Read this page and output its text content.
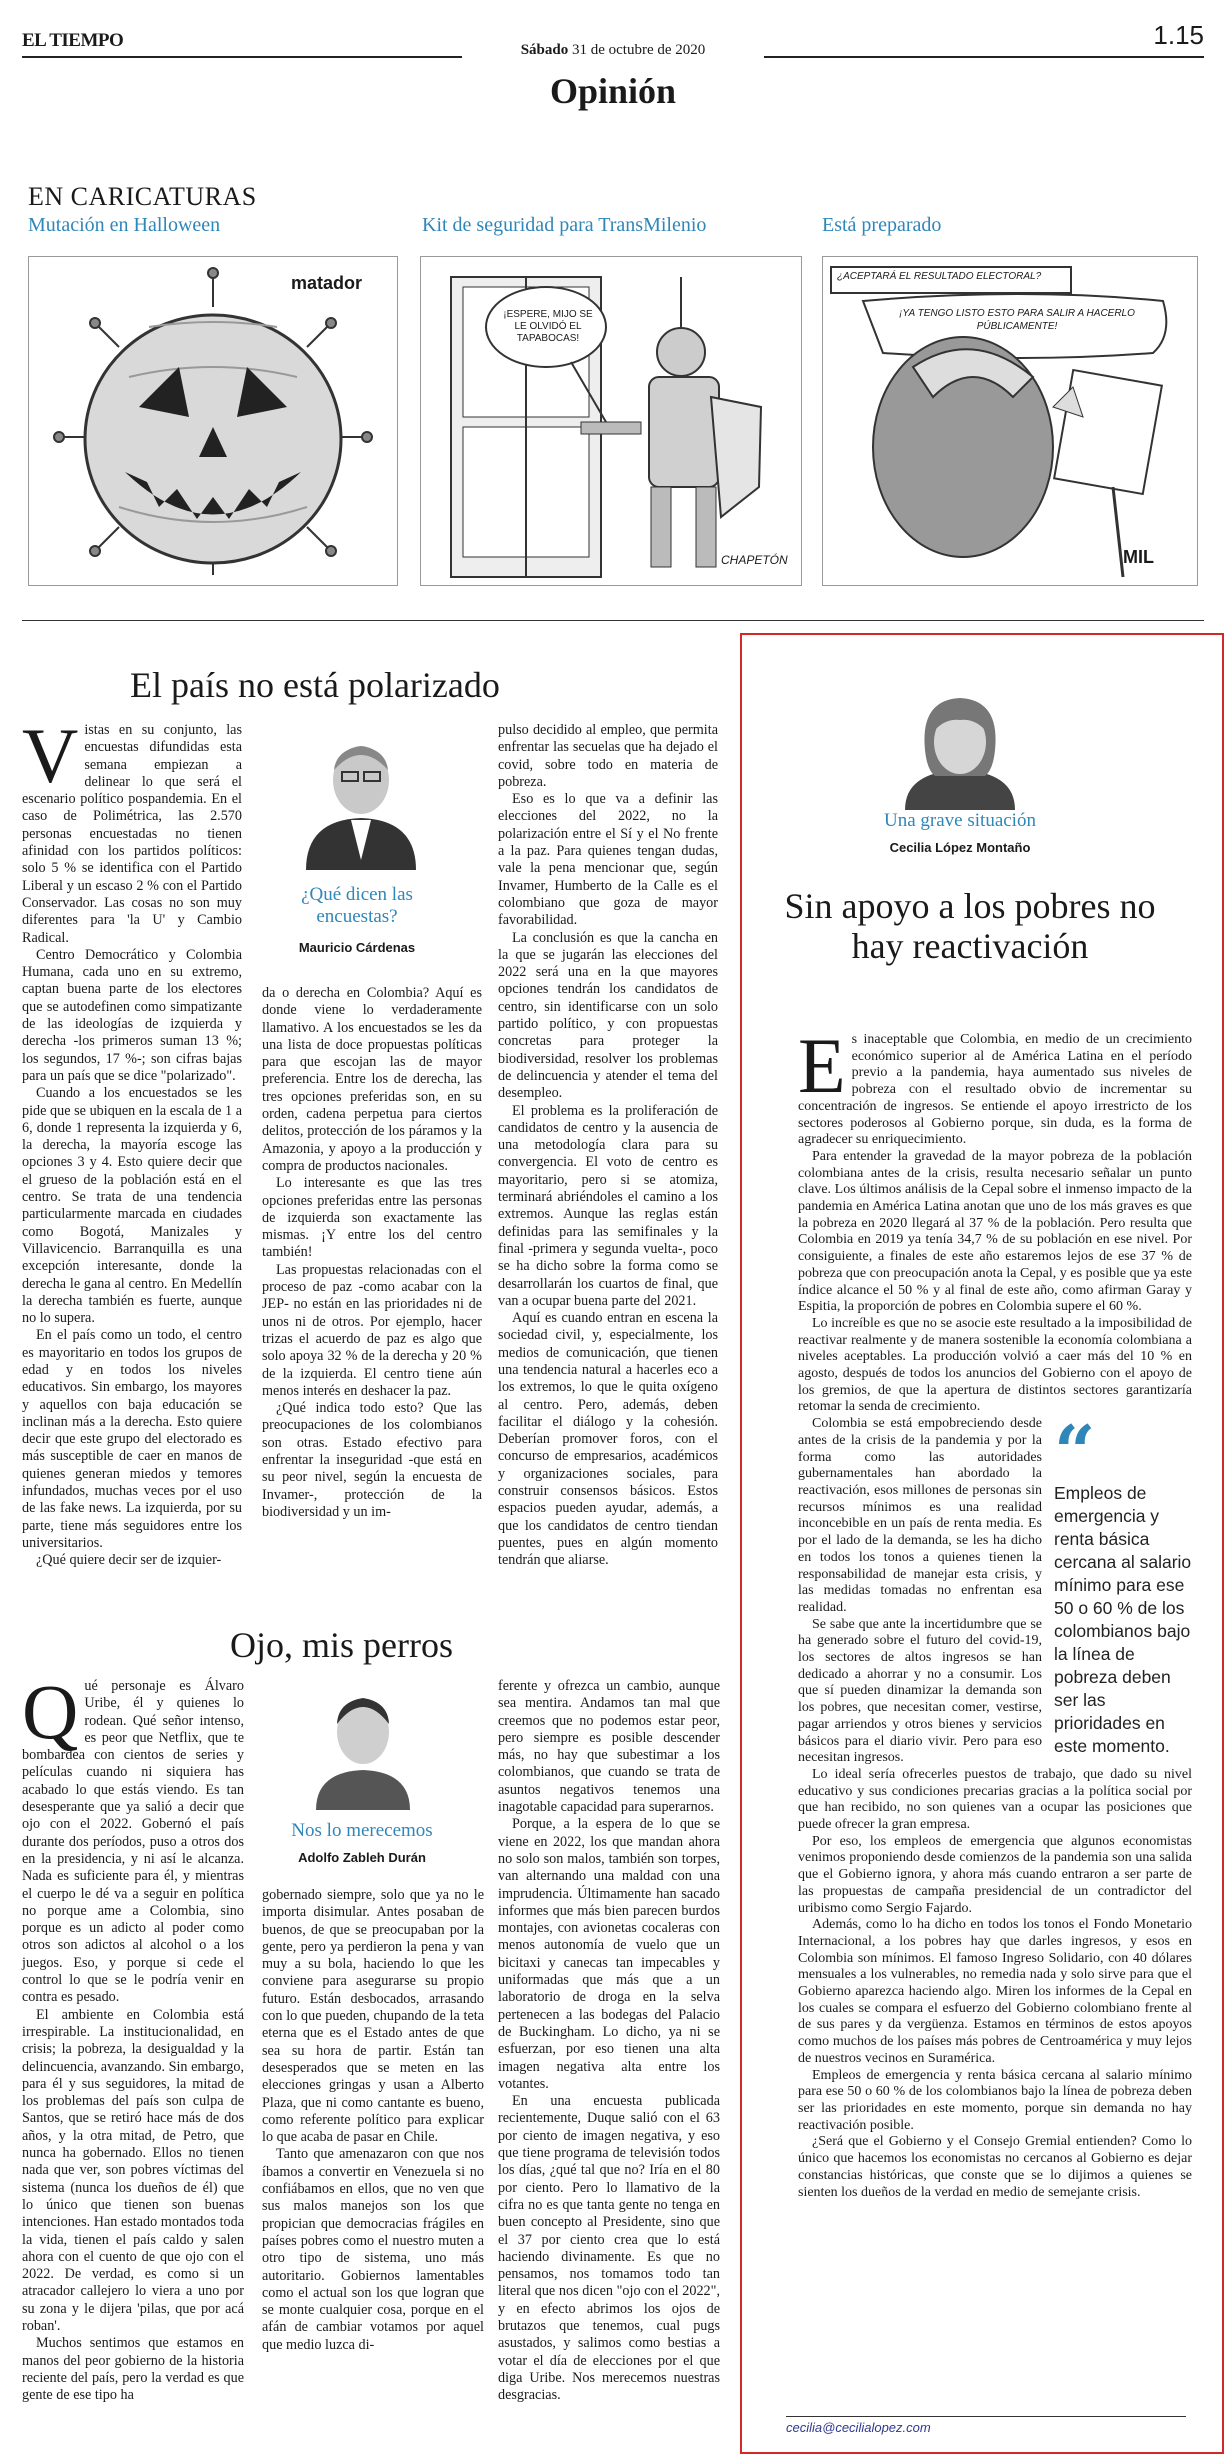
EL TIEMPO	1.15
Sábado 31 de octubre de 2020
Opinión
EN CARICATURAS
Mutación en Halloween	Kit de seguridad para TransMilenio	Está preparado
matador
¡ESPERE, MIJO SE LE OLVIDÓ EL TAPABOCAS!
CHAPETÓN
¿ACEPTARÁ EL RESULTADO ELECTORAL?
¡YA TENGO LISTO ESTO PARA SALIR A HACERLO PÚBLICAMENTE!
MIL
El país no está polarizado

Vistas en su conjunto, las encuestas difundidas esta semana empiezan a delinear lo que será el escenario político pospandemia. En el caso de Polimétrica, las 2.570 personas encuestadas no tienen afinidad con los partidos políticos: solo 5 % se identifica con el Partido Liberal y un escaso 2 % con el Partido Conservador. Las cosas no son muy diferentes para 'la U' y Cambio Radical.

Centro Democrático y Colombia Humana, cada uno en su extremo, captan buena parte de los electores que se autodefinen como simpatizante de las ideologías de izquierda y derecha -los primeros suman 13 %; los segundos, 17 %-; son cifras bajas para un país que se dice "polarizado".

Cuando a los encuestados se les pide que se ubiquen en la escala de 1 a 6, donde 1 representa la izquierda y 6, la derecha, la mayoría escoge las opciones 3 y 4. Esto quiere decir que el grueso de la población está en el centro. Se trata de una tendencia particularmente marcada en ciudades como Bogotá, Manizales y Villavicencio. Barranquilla es una excepción interesante, donde la derecha le gana al centro. En Medellín la derecha también es fuerte, aunque no lo supera.

En el país como un todo, el centro es mayoritario en todos los grupos de edad y en todos los niveles educativos. Sin embargo, los mayores y aquellos con baja educación se inclinan más a la derecha. Esto quiere decir que este grupo del electorado es más susceptible de caer en manos de quienes generan miedos y temores infundados, muchas veces por el uso de las fake news. La izquierda, por su parte, tiene más seguidores entre los universitarios.

¿Qué quiere decir ser de izquier-

¿Qué dicen las encuestas?
Mauricio Cárdenas

da o derecha en Colombia? Aquí es donde viene lo verdaderamente llamativo. A los encuestados se les da una lista de doce propuestas políticas para que escojan las de mayor preferencia. Entre los de derecha, las tres opciones preferidas son, en su orden, cadena perpetua para ciertos delitos, protección de los páramos y la Amazonia, y apoyo a la producción y compra de productos nacionales.

Lo interesante es que las tres opciones preferidas entre las personas de izquierda son exactamente las mismas. ¡Y entre los del centro también!

Las propuestas relacionadas con el proceso de paz -como acabar con la JEP- no están en las prioridades ni de unos ni de otros. Por ejemplo, hacer trizas el acuerdo de paz es algo que solo apoya 32 % de la derecha y 20 % de la izquierda. El centro tiene aún menos interés en deshacer la paz.

¿Qué indica todo esto? Que las preocupaciones de los colombianos son otras. Estado efectivo para enfrentar la inseguridad -que está en su peor nivel, según la encuesta de Invamer-, protección de la biodiversidad y un im-

pulso decidido al empleo, que permita enfrentar las secuelas que ha dejado el covid, sobre todo en materia de pobreza.

Eso es lo que va a definir las elecciones del 2022, no la polarización entre el Sí y el No frente a la paz. Para quienes tengan dudas, vale la pena mencionar que, según Invamer, Humberto de la Calle es el colombiano que goza de mayor favorabilidad.

La conclusión es que la cancha en la que se jugarán las elecciones del 2022 será una en la que mayores opciones tendrán los candidatos de centro, sin identificarse con un solo partido político, y con propuestas concretas para proteger la biodiversidad, resolver los problemas de delincuencia y atender el tema del desempleo.

El problema es la proliferación de candidatos de centro y la ausencia de una metodología clara para su convergencia. El voto de centro es mayoritario, pero si se atomiza, terminará abriéndoles el camino a los extremos. Aunque las reglas están definidas para las semifinales y la final -primera y segunda vuelta-, poco se ha dicho sobre la forma como se desarrollarán los cuartos de final, que van a ocupar buena parte del 2021.

Aquí es cuando entran en escena la sociedad civil, y, especialmente, los medios de comunicación, que tienen una tendencia natural a hacerles eco a los extremos, lo que le quita oxígeno al centro. Pero, además, deben facilitar el diálogo y la cohesión. Deberían promover foros, con el concurso de empresarios, académicos y organizaciones sociales, para construir consensos básicos. Estos espacios pueden ayudar, además, a que los candidatos de centro tiendan puentes, pues en algún momento tendrán que aliarse.

Ojo, mis perros

Qué personaje es Álvaro Uribe, él y quienes lo rodean. Qué señor intenso, es peor que Netflix, que te bombardea con cientos de series y películas cuando ni siquiera has acabado lo que estás viendo. Es tan desesperante que ya salió a decir que ojo con el 2022. Gobernó el país durante dos períodos, puso a otros dos en la presidencia, y ni así le alcanza. Nada es suficiente para él, y mientras el cuerpo le dé va a seguir en política no porque ame a Colombia, sino porque es un adicto al poder como otros son adictos al alcohol o a los juegos. Eso, y porque si cede el control lo que se le podría venir en contra es pesado.

El ambiente en Colombia está irrespirable. La institucionalidad, en crisis; la pobreza, la desigualdad y la delincuencia, avanzando. Sin embargo, para él y sus seguidores, la mitad de los problemas del país son culpa de Santos, que se retiró hace más de dos años, y la otra mitad, de Petro, que nunca ha gobernado. Ellos no tienen nada que ver, son pobres víctimas del sistema (nunca los dueños de él) que lo único que tienen son buenas intenciones. Han estado montados toda la vida, tienen el país caldo y salen ahora con el cuento de que ojo con el 2022. De verdad, es como si un atracador callejero lo viera a uno por su zona y le dijera 'pilas, que por acá roban'.

Muchos sentimos que estamos en manos del peor gobierno de la historia reciente del país, pero la verdad es que gente de ese tipo ha

Nos lo merecemos
Adolfo Zableh Durán

gobernado siempre, solo que ya no le importa disimular. Antes posaban de buenos, de que se preocupaban por la gente, pero ya perdieron la pena y van muy a su bola, haciendo lo que les conviene para asegurarse su propio futuro. Están desbocados, arrasando con lo que pueden, chupando de la teta eterna que es el Estado antes de que sea su hora de partir. Están tan desesperados que se meten en las elecciones gringas y usan a Alberto Plaza, que ni como cantante es bueno, como referente político para explicar lo que acaba de pasar en Chile.

Tanto que amenazaron con que nos íbamos a convertir en Venezuela si no confiábamos en ellos, que no ven que sus malos manejos son los que propician que democracias frágiles en países pobres como el nuestro muten a otro tipo de sistema, uno más autoritario. Gobiernos lamentables como el actual son los que logran que se monte cualquier cosa, porque en el afán de cambiar votamos por aquel que medio luzca di-

ferente y ofrezca un cambio, aunque sea mentira. Andamos tan mal que creemos que no podemos estar peor, pero siempre es posible descender más, no hay que subestimar a los colombianos, que cuando se trata de asuntos negativos tenemos una inagotable capacidad para superarnos.

Porque, a la espera de lo que se viene en 2022, los que mandan ahora no solo son malos, también son torpes, van alternando una maldad con una imprudencia. Últimamente han sacado informes que más bien parecen burdos montajes, con avionetas cocaleras con menos autonomía de vuelo que un bicitaxi y canecas tan impecables y uniformadas que más que a un laboratorio de droga en la selva pertenecen a las bodegas del Palacio de Buckingham. Lo dicho, ya ni se esfuerzan, por eso tienen una alta imagen negativa alta entre los votantes.

En una encuesta publicada recientemente, Duque salió con el 63 por ciento de imagen negativa, y eso que tiene programa de televisión todos los días, ¿qué tal que no? Iría en el 80 por ciento. Pero lo llamativo de la cifra no es que tanta gente no tenga en buen concepto al Presidente, sino que el 37 por ciento crea que lo está haciendo divinamente. Es que no pensamos, nos tomamos todo tan literal que nos dicen "ojo con el 2022", y en efecto abrimos los ojos de brutazos que tenemos, cual pugs asustados, y salimos como bestias a votar el día de elecciones por el que diga Uribe. Nos merecemos nuestras desgracias.

Una grave situación
Cecilia López Montaño
Sin apoyo a los pobres no hay reactivación

Es inaceptable que Colombia, en medio de un crecimiento económico superior al de América Latina en el período previo a la pandemia, haya aumentado sus niveles de pobreza con el resultado obvio de incrementar su concentración de ingresos. Se entiende el apoyo irrestricto de los sectores poderosos al Gobierno porque, sin duda, es la forma de agradecer su enriquecimiento.

Para entender la gravedad de la mayor pobreza de la población colombiana antes de la crisis, resulta necesario señalar un punto clave. Los últimos análisis de la Cepal sobre el inmenso impacto de la pandemia en América Latina anotan que uno de los más graves es que la pobreza en 2020 llegará al 37 % de la población. Pero resulta que Colombia en 2019 ya tenía 34,7 % de su población en ese nivel. Por consiguiente, a finales de este año estaremos lejos de ese 37 % de pobreza que con preocupación anota la Cepal, y es posible que ya este índice alcance el 50 % y al final de este año, como afirman Garay y Espitia, la proporción de pobres en Colombia supere el 60 %.

Lo increíble es que no se asocie este resultado a la imposibilidad de reactivar realmente y de manera sostenible la economía colombiana a niveles aceptables. La producción volvió a caer más del 10 % en agosto, después de todos los anuncios del Gobierno con el apoyo de los gremios, de que la apertura de distintos sectores garantizaría retomar la senda de crecimiento.

“
Empleos de emergencia y renta básica cercana al salario mínimo para ese 50 o 60 % de los colombianos bajo la línea de pobreza deben ser las prioridades en este momento.

Colombia se está empobreciendo desde antes de la crisis de la pandemia y por la forma como las autoridades gubernamentales han abordado la reactivación, esos millones de personas sin recursos mínimos es una realidad inconcebible en un país de renta media. Es por el lado de la demanda, se les ha dicho en todos los tonos a quienes tienen la responsabilidad de manejar esta crisis, y las medidas tomadas no enfrentan esa realidad.

Se sabe que ante la incertidumbre que se ha generado sobre el futuro del covid-19, los sectores de altos ingresos se han dedicado a ahorrar y no a consumir. Los que sí pueden dinamizar la demanda son los pobres, que necesitan comer, vestirse, pagar arriendos y otros bienes y servicios básicos para el diario vivir. Pero para eso necesitan ingresos.

Lo ideal sería ofrecerles puestos de trabajo, que dado su nivel educativo y sus condiciones precarias gracias a la política social por que han recibido, no son quienes van a ocupar las posiciones que puede ofrecer la gran empresa.

Por eso, los empleos de emergencia que algunos economistas venimos proponiendo desde comienzos de la pandemia son una salida que el Gobierno ignora, y ahora más cuando entraron a ser parte de las propuestas de campaña presidencial de un contradictor del uribismo como Sergio Fajardo.

Además, como lo ha dicho en todos los tonos el Fondo Monetario Internacional, a los pobres hay que darles ingresos, y esos en Colombia son mínimos. El famoso Ingreso Solidario, con 40 dólares mensuales a los vulnerables, no remedia nada y solo sirve para que el Gobierno aparezca haciendo algo. Miren los informes de la Cepal en los cuales se compara el esfuerzo del Gobierno colombiano frente al de sus pares y da vergüenza. Estamos en términos de estos apoyos como muchos de los países más pobres de Centroamérica y muy lejos de nuestros vecinos en Suramérica.

Empleos de emergencia y renta básica cercana al salario mínimo para ese 50 o 60 % de los colombianos bajo la línea de pobreza deben ser las prioridades en este momento, porque sin demanda no hay reactivación posible.

¿Será que el Gobierno y el Consejo Gremial entienden? Como lo único que hacemos los economistas no cercanos al Gobierno es dejar constancias históricas, que conste que se lo dijimos a quienes se sienten los dueños de la verdad en medio de semejante crisis.

cecilia@cecilialopez.com
